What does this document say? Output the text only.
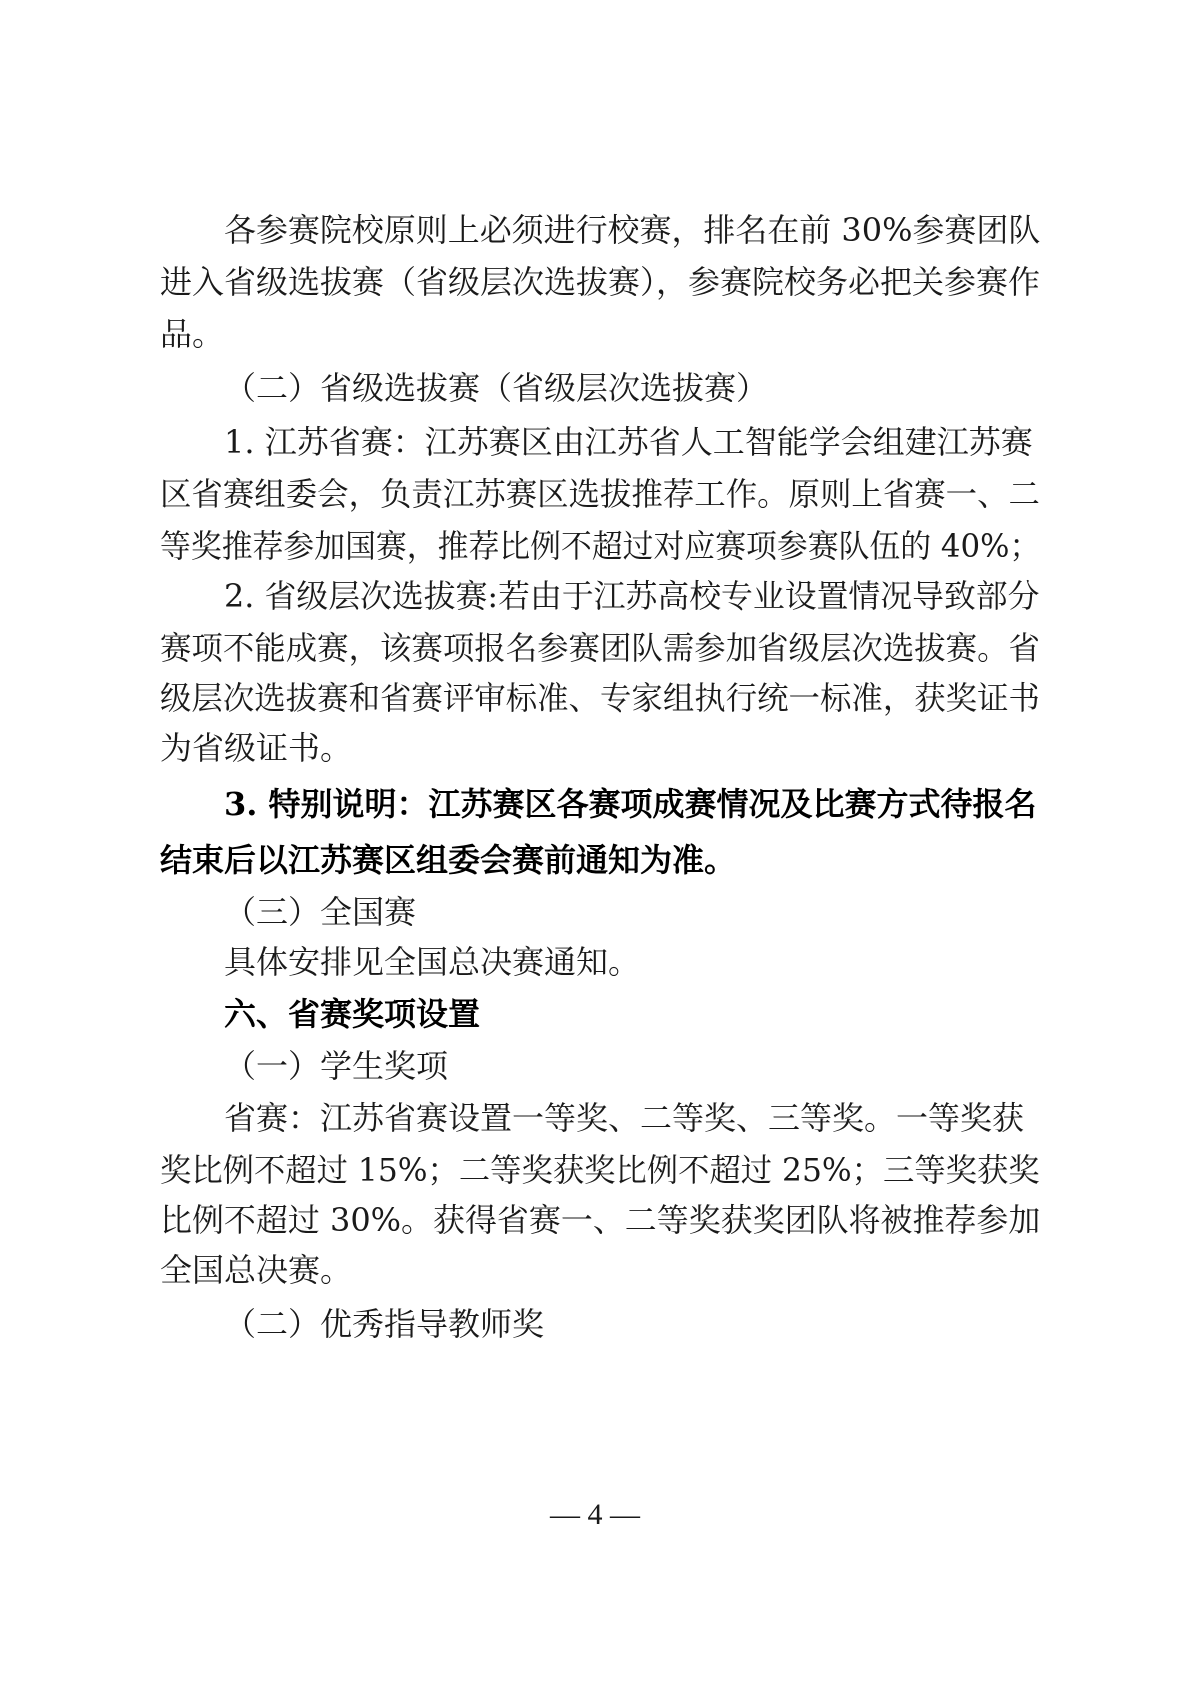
各参赛院校原则上必须进行校赛，排名在前 30%参赛团队
进入省级选拔赛（省级层次选拔赛），参赛院校务必把关参赛作
品。
（二）省级选拔赛（省级层次选拔赛）
1. 江苏省赛：江苏赛区由江苏省人工智能学会组建江苏赛
区省赛组委会，负责江苏赛区选拔推荐工作。原则上省赛一、二
等奖推荐参加国赛，推荐比例不超过对应赛项参赛队伍的 40%；
2. 省级层次选拔赛:若由于江苏高校专业设置情况导致部分
赛项不能成赛，该赛项报名参赛团队需参加省级层次选拔赛。省
级层次选拔赛和省赛评审标准、专家组执行统一标准，获奖证书
为省级证书。
3. 特别说明：江苏赛区各赛项成赛情况及比赛方式待报名
结束后以江苏赛区组委会赛前通知为准。
（三）全国赛
具体安排见全国总决赛通知。
六、省赛奖项设置
（一）学生奖项
省赛：江苏省赛设置一等奖、二等奖、三等奖。一等奖获
奖比例不超过 15%；二等奖获奖比例不超过 25%；三等奖获奖
比例不超过 30%。获得省赛一、二等奖获奖团队将被推荐参加
全国总决赛。
（二）优秀指导教师奖
— 4 —
